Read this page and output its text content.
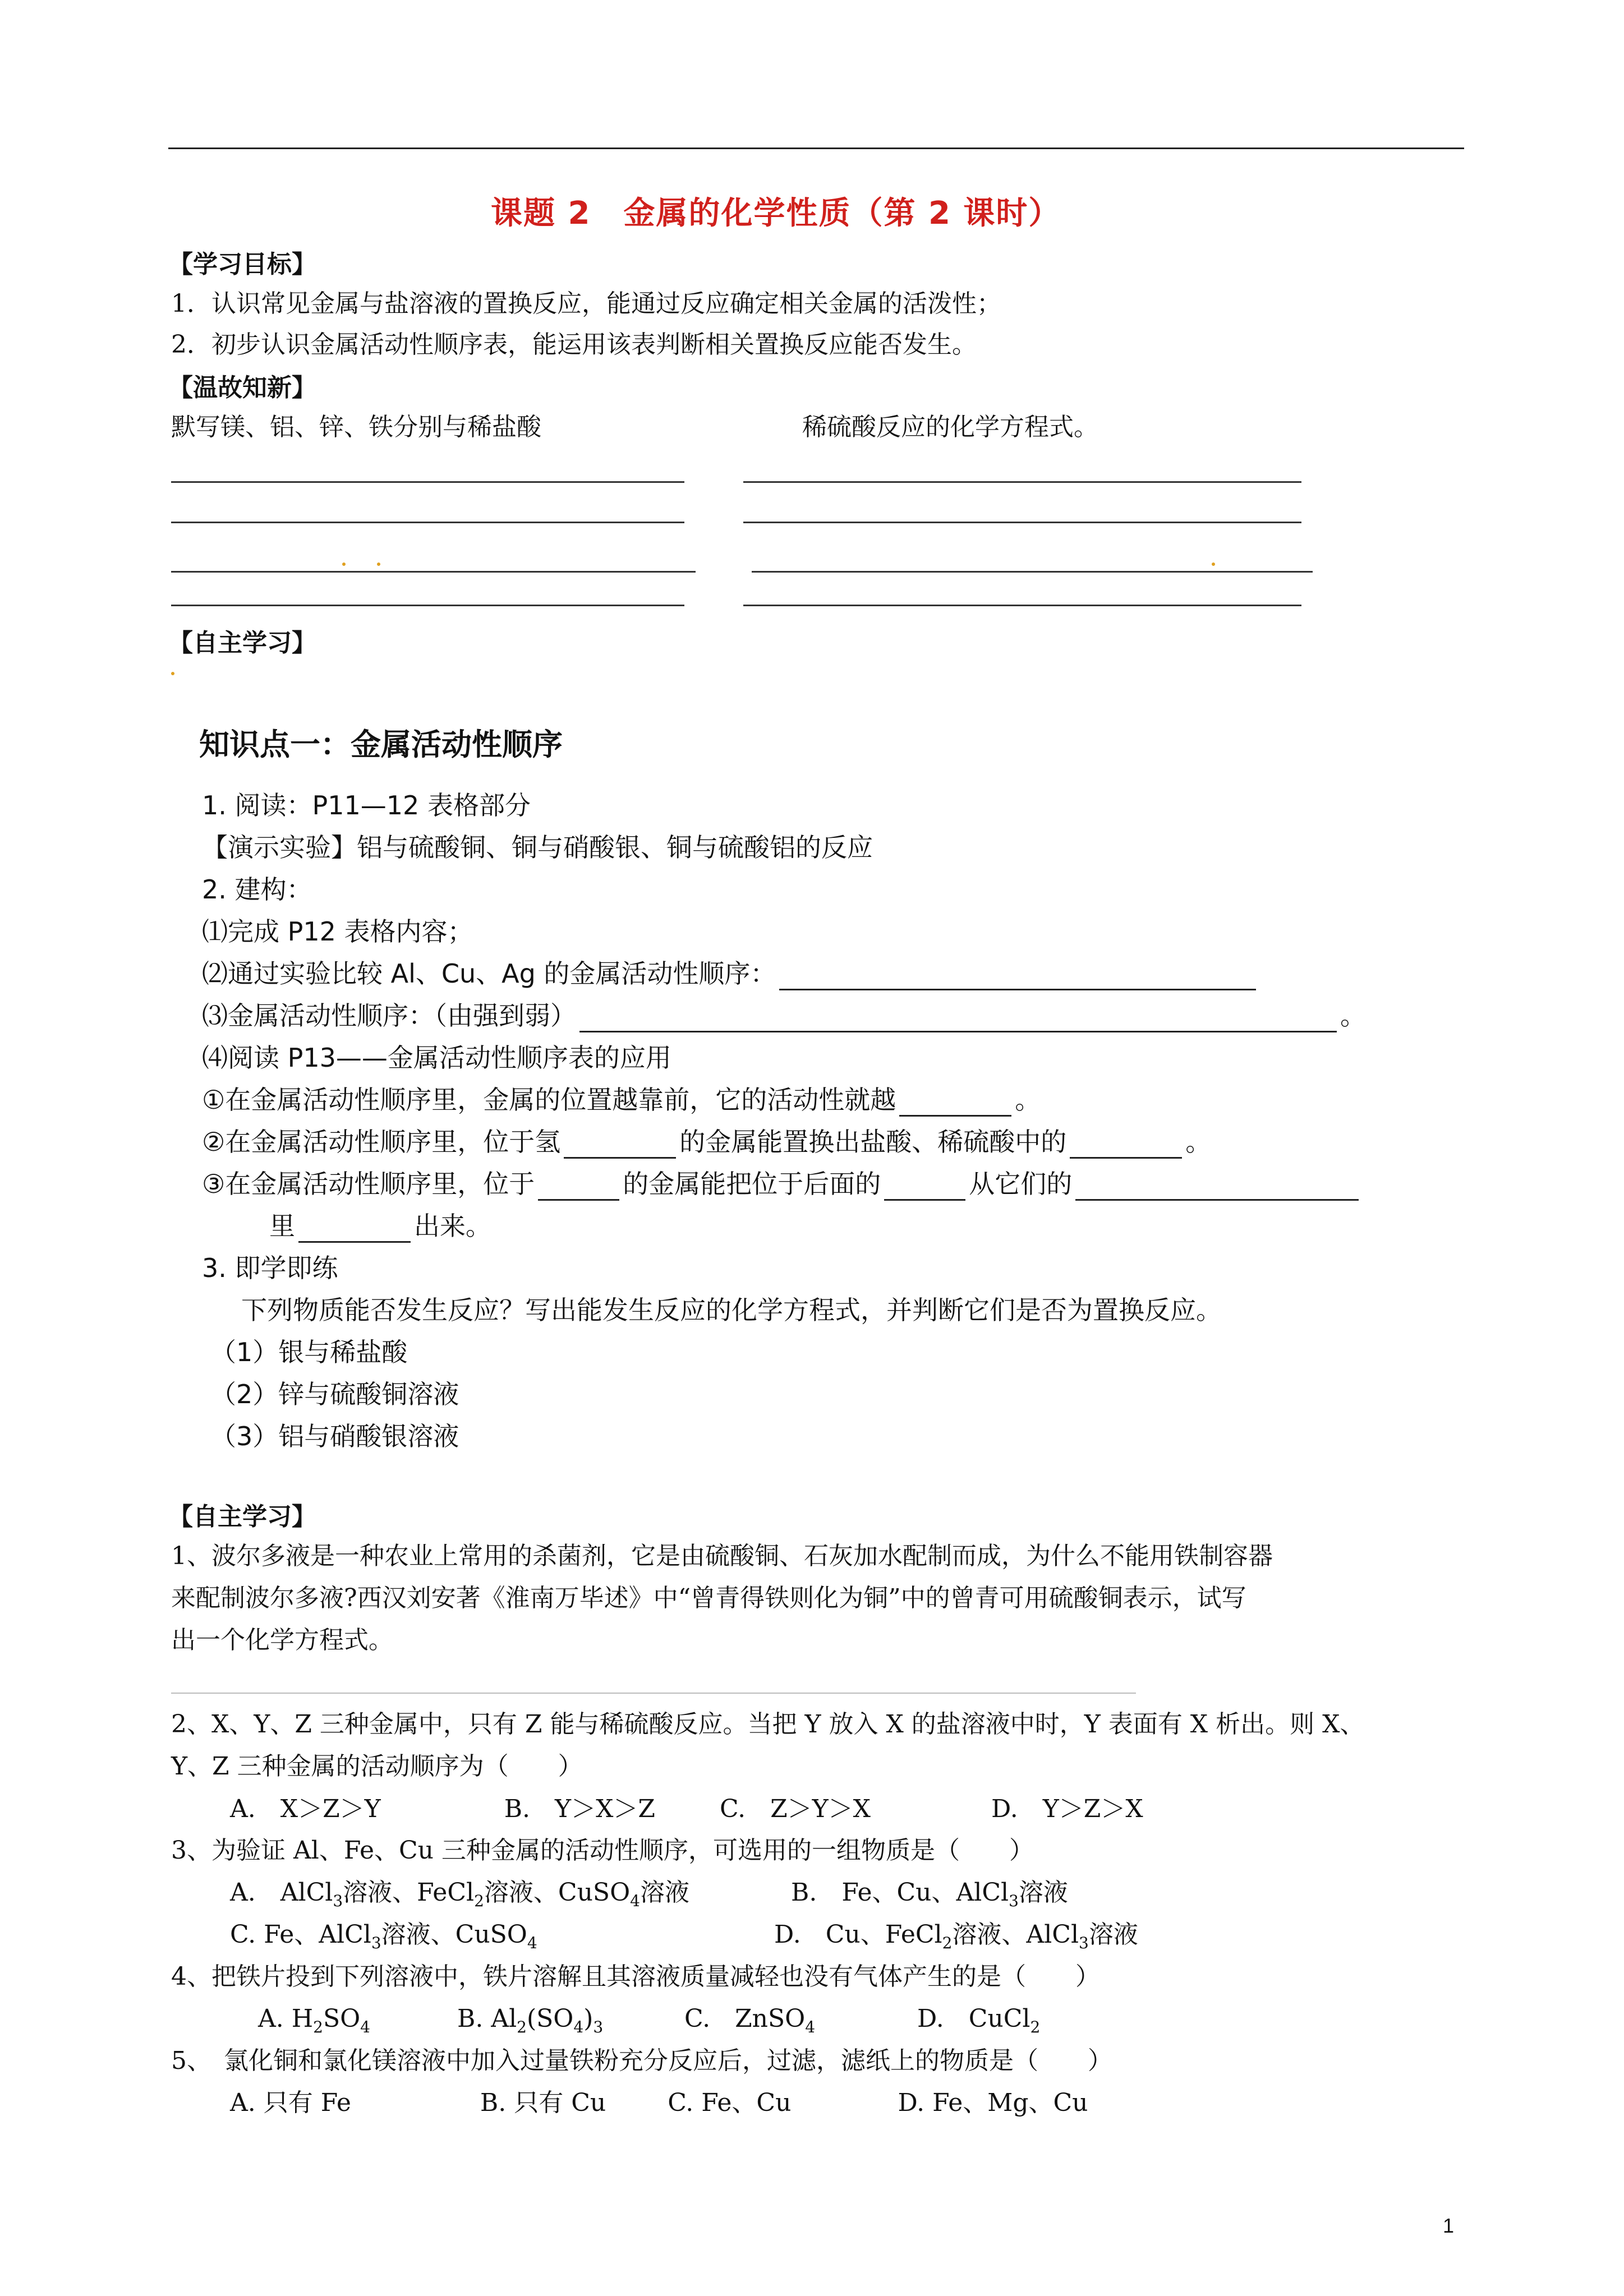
课题 2　金属的化学性质（第 2 课时）
【学习目标】
1．认识常见金属与盐溶液的置换反应，能通过反应确定相关金属的活泼性；
2．初步认识金属活动性顺序表，能运用该表判断相关置换反应能否发生。
【温故知新】
默写镁、铝、锌、铁分别与稀盐酸	稀硫酸反应的化学方程式。
【自主学习】
知识点一：金属活动性顺序
1. 阅读：P11—12 表格部分
【演示实验】铝与硫酸铜、铜与硝酸银、铜与硫酸铝的反应
2. 建构：
⑴完成 P12 表格内容；
⑵通过实验比较 Al、Cu、Ag 的金属活动性顺序：
⑶金属活动性顺序：（由强到弱）	。
⑷阅读 P13——金属活动性顺序表的应用
①在金属活动性顺序里，金属的位置越靠前，它的活动性就越	。
②在金属活动性顺序里，位于氢	的金属能置换出盐酸、稀硫酸中的	。
③在金属活动性顺序里，位于	的金属能把位于后面的	从它们的
里	出来。
3. 即学即练
下列物质能否发生反应？写出能发生反应的化学方程式，并判断它们是否为置换反应。
（1）银与稀盐酸
（2）锌与硫酸铜溶液
（3）铝与硝酸银溶液
【自主学习】
1、波尔多液是一种农业上常用的杀菌剂，它是由硫酸铜、石灰加水配制而成，为什么不能用铁制容器
来配制波尔多液?西汉刘安著《淮南万毕述》中“曾青得铁则化为铜”中的曾青可用硫酸铜表示，试写
出一个化学方程式。
2、X、Y、Z 三种金属中，只有 Z 能与稀硫酸反应。当把 Y 放入 X 的盐溶液中时，Y 表面有 X 析出。则 X、
Y、Z 三种金属的活动顺序为（　　）
A.　X＞Z＞Y	B.　Y＞X＞Z	C.　Z＞Y＞X	D.　Y＞Z＞X
3、为验证 Al、Fe、Cu 三种金属的活动性顺序，可选用的一组物质是（　　）
A.　AlCl$_3$溶液、FeCl$_2$溶液、CuSO$_4$溶液	B.　Fe、Cu、AlCl$_3$溶液
C. Fe、AlCl$_3$溶液、CuSO$_4$	D.　Cu、FeCl$_2$溶液、AlCl$_3$溶液
4、把铁片投到下列溶液中，铁片溶解且其溶液质量减轻也没有气体产生的是（　　）
A. $H_2SO_4$	B. $Al_2(SO_4)_3$	C.　ZnSO$_4$	D.　CuCl$_2$
5、　氯化铜和氯化镁溶液中加入过量铁粉充分反应后，过滤，滤纸上的物质是（　　）
A. 只有 Fe	B. 只有 Cu	C. Fe、Cu	D. Fe、Mg、Cu
1
